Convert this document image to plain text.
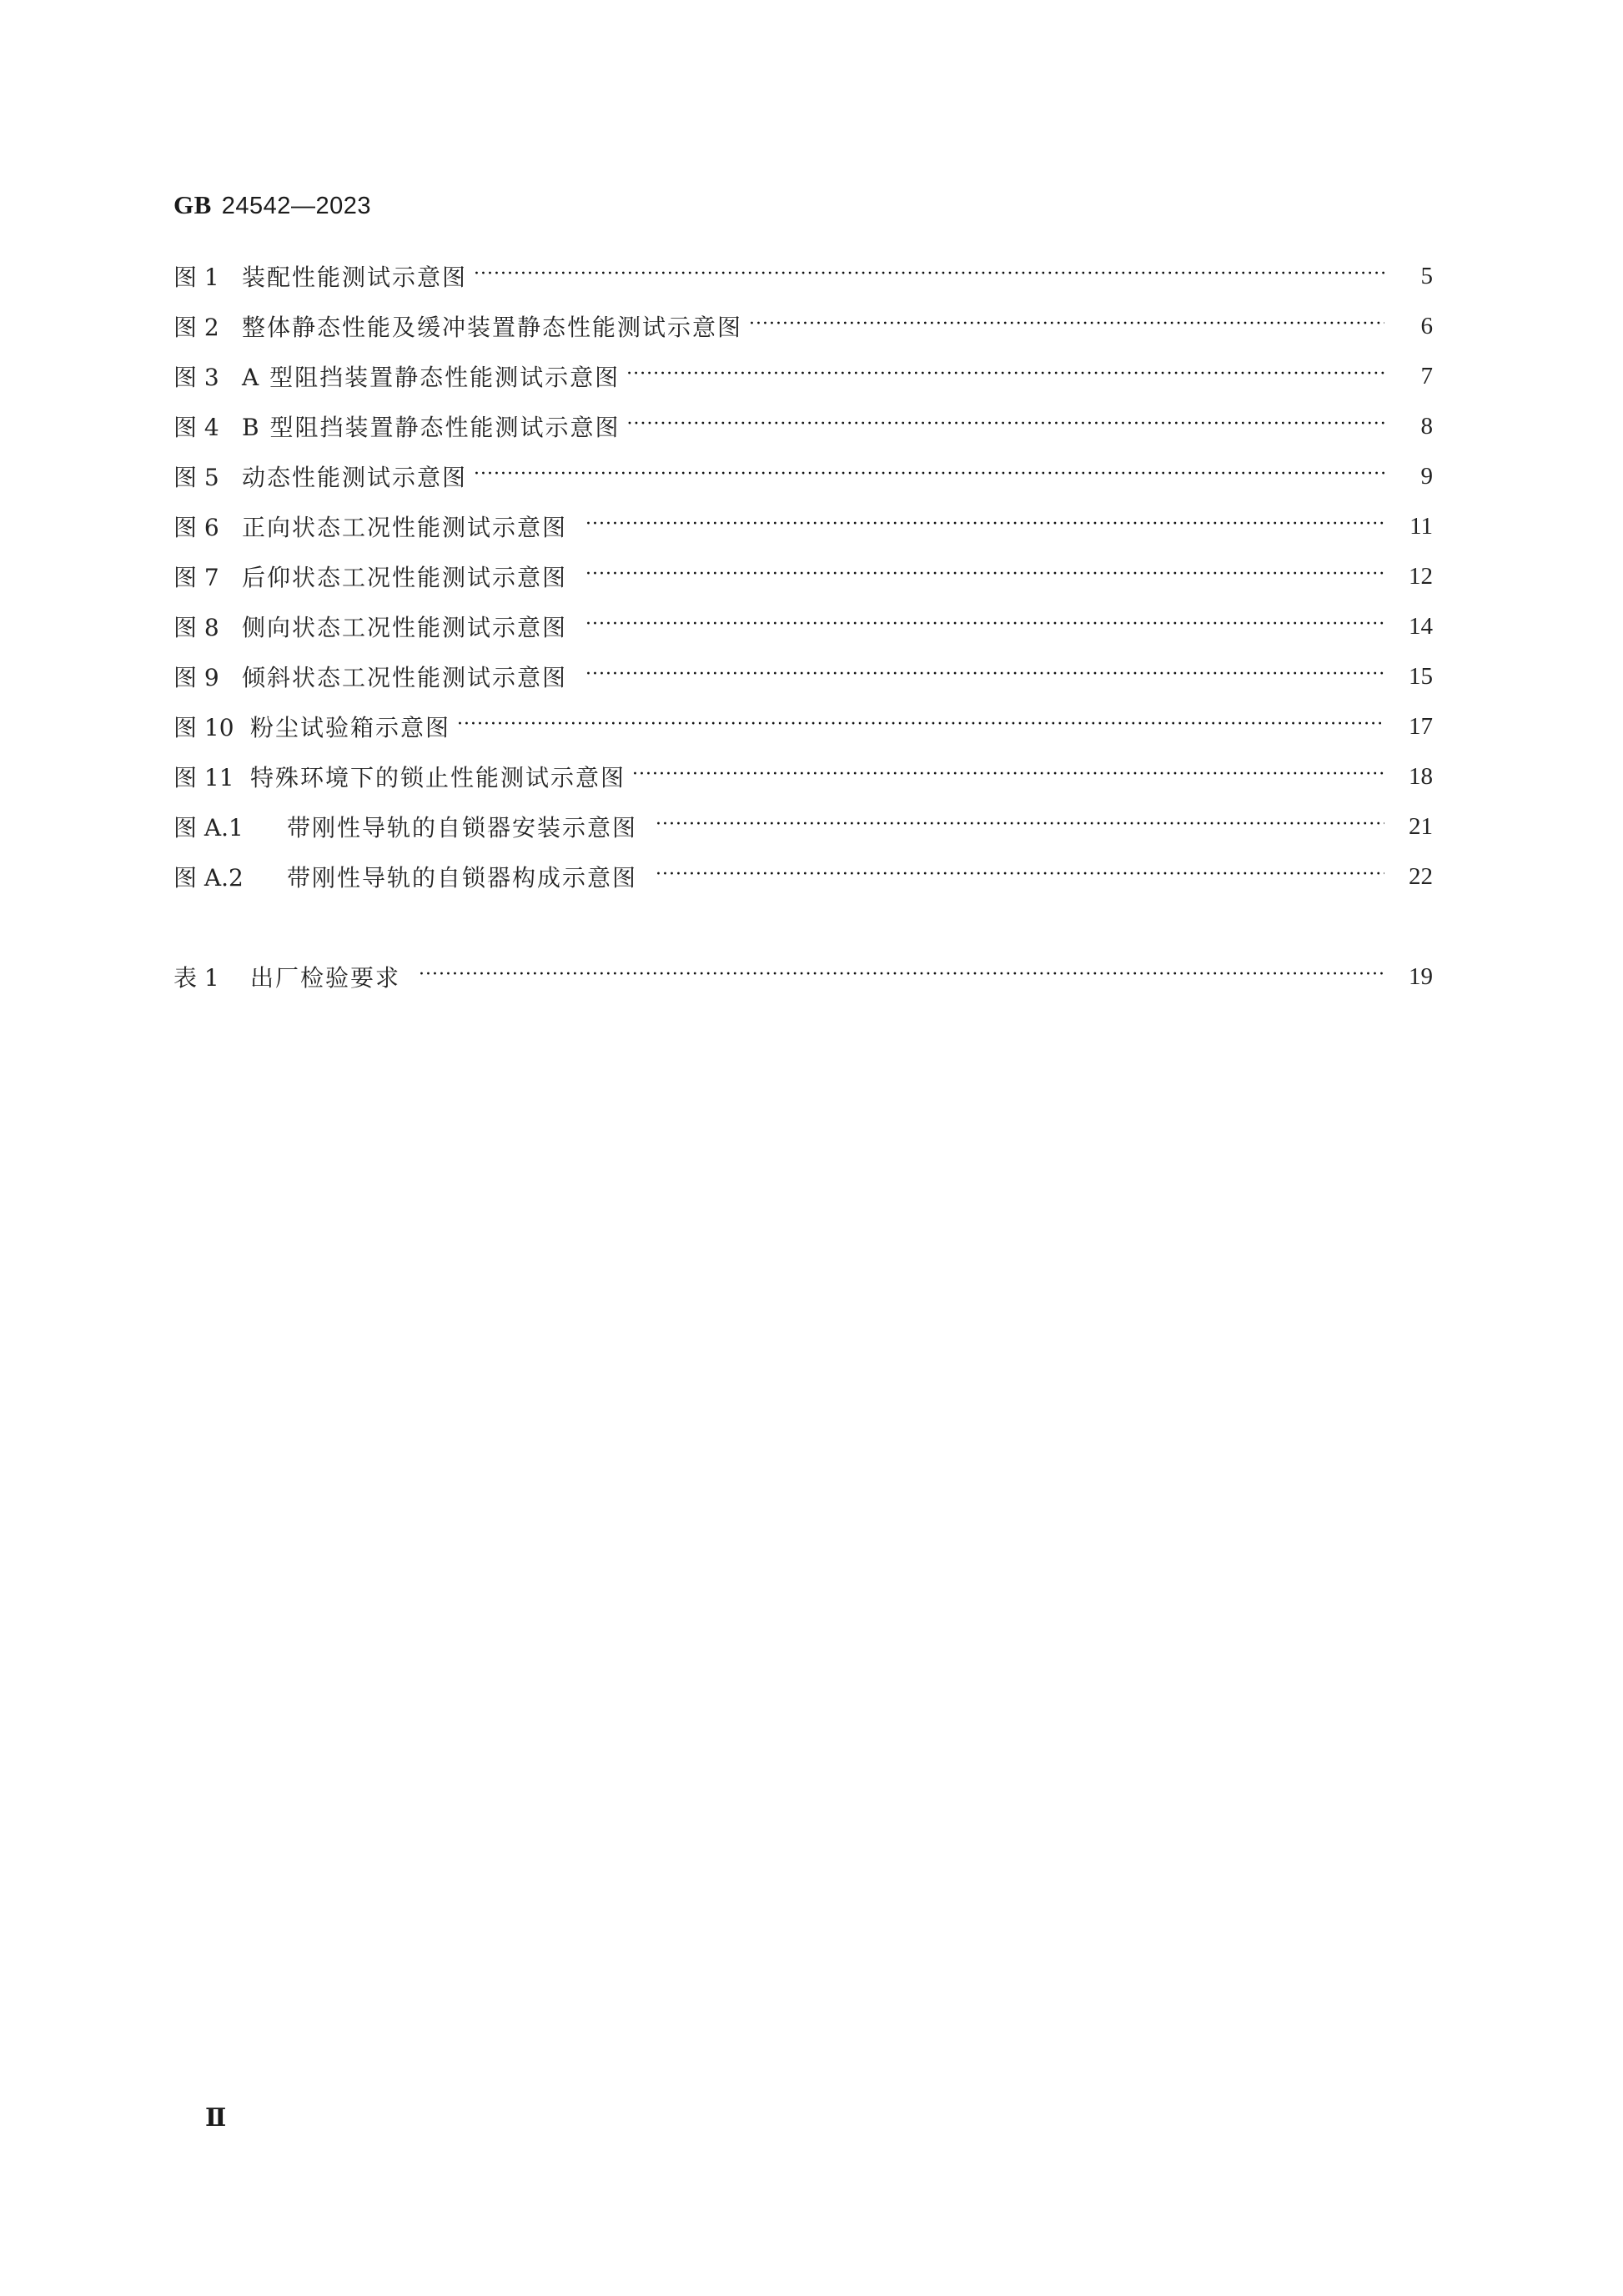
GB 24542—2023
图 1 装配性能测试示意图 ·····	5
图 2 整体静态性能及缓冲装置静态性能测试示意图 ·····	6
图 3 A 型阻挡装置静态性能测试示意图 ·····	7
图 4 B 型阻挡装置静态性能测试示意图 ·····	8
图 5 动态性能测试示意图 ·····	9
图 6 正向状态工况性能测试示意图 ·····	11
图 7 后仰状态工况性能测试示意图 ·····	12
图 8 侧向状态工况性能测试示意图 ·····	14
图 9 倾斜状态工况性能测试示意图 ·····	15
图 10 粉尘试验箱示意图 ·····	17
图 11 特殊环境下的锁止性能测试示意图 ·····	18
图 A.1	带刚性导轨的自锁器安装示意图 ·····	21
图 A.2	带刚性导轨的自锁器构成示意图 ·····	22
表 1	出厂检验要求 ·····	19
Ⅱ
